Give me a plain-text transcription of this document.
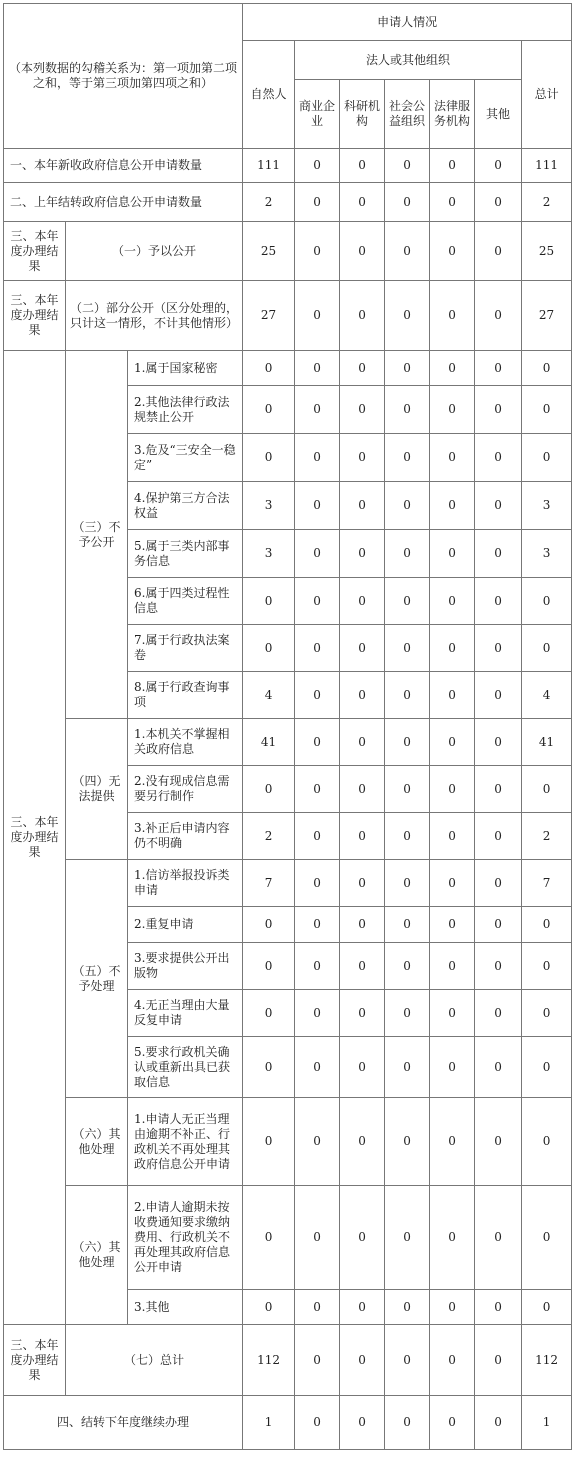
（本列数据的勾稽关系为：第一项加第二项之和，等于第三项加第四项之和）			申请人情况						
			自然人	法人或其他组织					总计
				商业企业	科研机构	社会公益组织	法律服务机构	其他	
一、本年新收政府信息公开申请数量			111	0	0	0	0	0	111
二、上年结转政府信息公开申请数量			2	0	0	0	0	0	2
三、本年度办理结果	（一）予以公开		25	0	0	0	0	0	25
三、本年度办理结果	（二）部分公开（区分处理的，只计这一情形，不计其他情形）		27	0	0	0	0	0	27
三、本年度办理结果	（三）不予公开	1.属于国家秘密	0	0	0	0	0	0	0
		2.其他法律行政法规禁止公开	0	0	0	0	0	0	0
		3.危及“三安全一稳定”	0	0	0	0	0	0	0
		4.保护第三方合法权益	3	0	0	0	0	0	3
		5.属于三类内部事务信息	3	0	0	0	0	0	3
		6.属于四类过程性信息	0	0	0	0	0	0	0
		7.属于行政执法案卷	0	0	0	0	0	0	0
		8.属于行政查询事项	4	0	0	0	0	0	4
	（四）无法提供	1.本机关不掌握相关政府信息	41	0	0	0	0	0	41
		2.没有现成信息需要另行制作	0	0	0	0	0	0	0
		3.补正后申请内容仍不明确	2	0	0	0	0	0	2
	（五）不予处理	1.信访举报投诉类申请	7	0	0	0	0	0	7
		2.重复申请	0	0	0	0	0	0	0
		3.要求提供公开出版物	0	0	0	0	0	0	0
		4.无正当理由大量反复申请	0	0	0	0	0	0	0
		5.要求行政机关确认或重新出具已获取信息	0	0	0	0	0	0	0
	（六）其他处理	1.申请人无正当理由逾期不补正、行政机关不再处理其政府信息公开申请	0	0	0	0	0	0	0
	（六）其他处理	2.申请人逾期未按收费通知要求缴纳费用、行政机关不再处理其政府信息公开申请	0	0	0	0	0	0	0
		3.其他	0	0	0	0	0	0	0
三、本年度办理结果	（七）总计		112	0	0	0	0	0	112
四、结转下年度继续办理			1	0	0	0	0	0	1
